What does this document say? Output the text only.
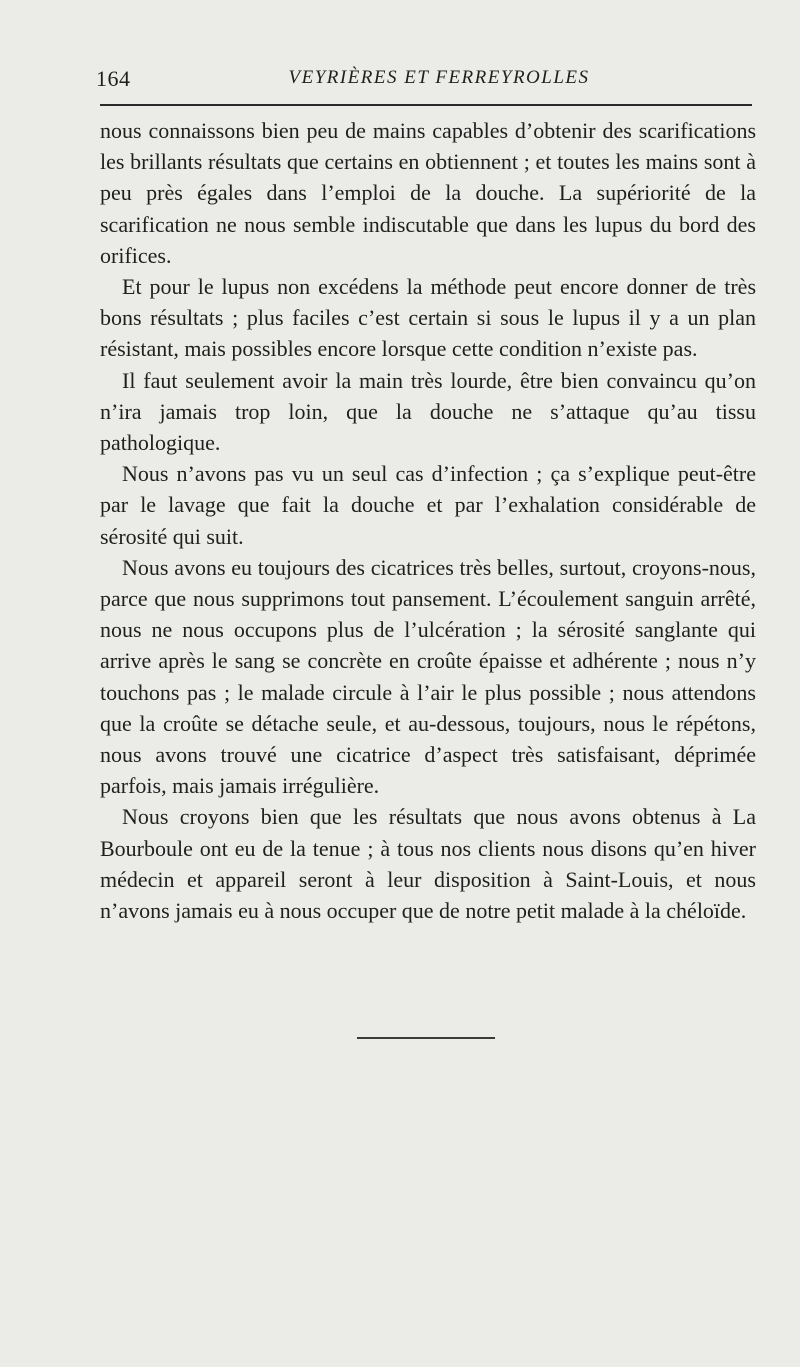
164	VEYRIÈRES ET FERREYROLLES

nous connaissons bien peu de mains capables d’obtenir des scarifications les brillants résultats que certains en obtiennent ; et toutes les mains sont à peu près égales dans l’emploi de la douche. La supériorité de la scarification ne nous semble indiscutable que dans les lupus du bord des orifices.

Et pour le lupus non excédens la méthode peut encore donner de très bons résultats ; plus faciles c’est certain si sous le lupus il y a un plan résistant, mais possibles encore lorsque cette condition n’existe pas.

Il faut seulement avoir la main très lourde, être bien convaincu qu’on n’ira jamais trop loin, que la douche ne s’attaque qu’au tissu pathologique.

Nous n’avons pas vu un seul cas d’infection ; ça s’explique peut-être par le lavage que fait la douche et par l’exhalation considérable de sérosité qui suit.

Nous avons eu toujours des cicatrices très belles, surtout, croyons-nous, parce que nous supprimons tout pansement. L’écoulement sanguin arrêté, nous ne nous occupons plus de l’ulcération ; la sérosité sanglante qui arrive après le sang se concrète en croûte épaisse et adhérente ; nous n’y touchons pas ; le malade circule à l’air le plus possible ; nous attendons que la croûte se détache seule, et au-dessous, toujours, nous le répétons, nous avons trouvé une cicatrice d’aspect très satisfaisant, déprimée parfois, mais jamais irrégulière.

Nous croyons bien que les résultats que nous avons obtenus à La Bourboule ont eu de la tenue ; à tous nos clients nous disons qu’en hiver médecin et appareil seront à leur disposition à Saint-Louis, et nous n’avons jamais eu à nous occuper que de notre petit malade à la chéloïde.
